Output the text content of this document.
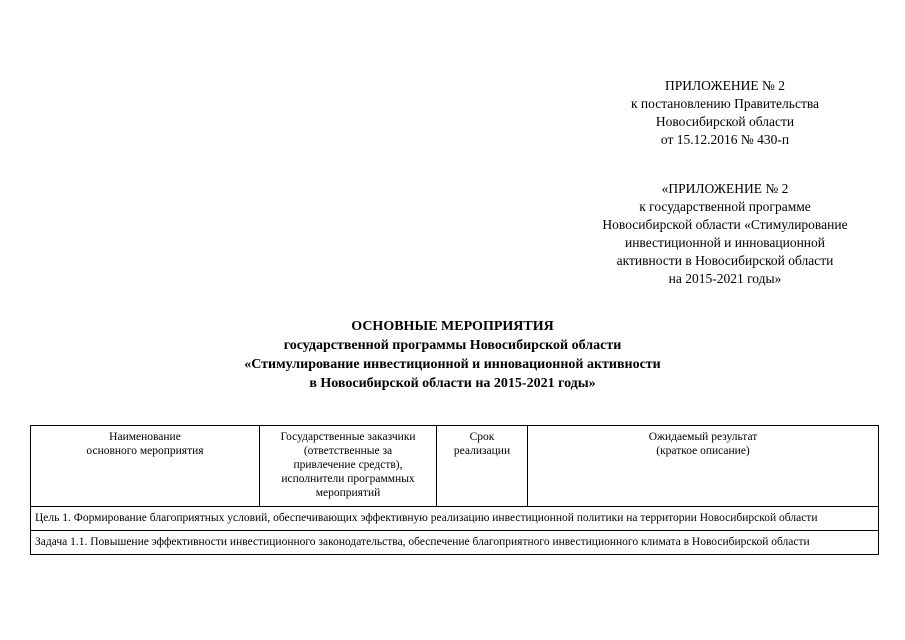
ПРИЛОЖЕНИЕ № 2
к постановлению Правительства
Новосибирской области
от 15.12.2016 № 430-п
«ПРИЛОЖЕНИЕ № 2
к государственной программе
Новосибирской области «Стимулирование
инвестиционной и инновационной
активности в Новосибирской области
на 2015-2021 годы»
ОСНОВНЫЕ МЕРОПРИЯТИЯ
государственной программы Новосибирской области
«Стимулирование инвестиционной и инновационной активности
в Новосибирской области на 2015-2021 годы»
Наименование
основного мероприятия

Государственные заказчики
(ответственные за
привлечение средств),
исполнители программных
мероприятий

Срок
реализации

Ожидаемый результат
(краткое описание)

Цель 1. Формирование благоприятных условий, обеспечивающих эффективную реализацию инвестиционной политики на территории Новосибирской области
Задача 1.1. Повышение эффективности инвестиционного законодательства, обеспечение благоприятного инвестиционного климата в Новосибирской области
